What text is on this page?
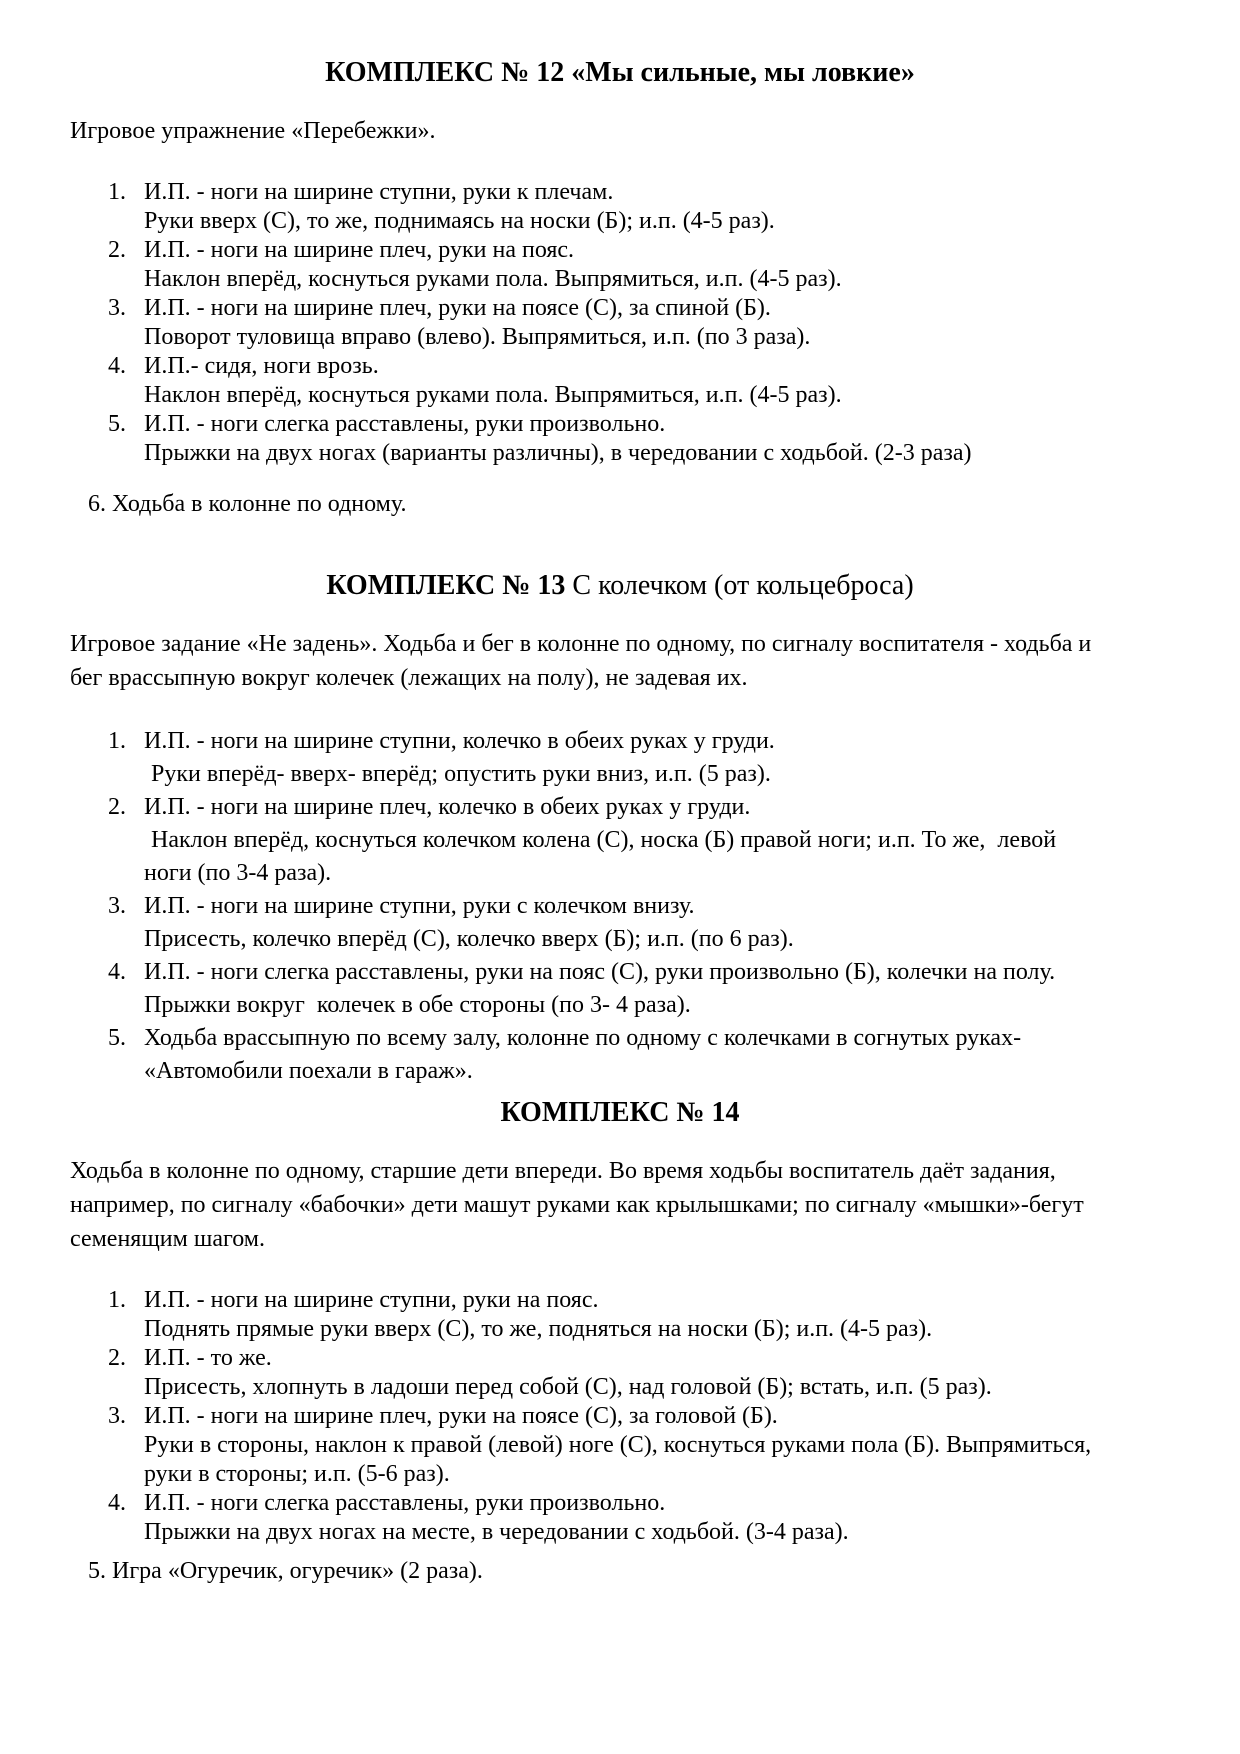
КОМПЛЕКС № 12 «Мы сильные, мы ловкие»

Игровое упражнение «Перебежки».

1. И.П. - ноги на ширине ступни, руки к плечам.
Руки вверх (С), то же, поднимаясь на носки (Б); и.п. (4-5 раз).
2. И.П. - ноги на ширине плеч, руки на пояс.
Наклон вперёд, коснуться руками пола. Выпрямиться, и.п. (4-5 раз).
3. И.П. - ноги на ширине плеч, руки на поясе (С), за спиной (Б).
Поворот туловища вправо (влево). Выпрямиться, и.п. (по 3 раза).
4. И.П.- сидя, ноги врозь.
Наклон вперёд, коснуться руками пола. Выпрямиться, и.п. (4-5 раз).
5. И.П. - ноги слегка расставлены, руки произвольно.
Прыжки на двух ногах (варианты различны), в чередовании с ходьбой. (2-3 раза)
6. Ходьба в колонне по одному.
КОМПЛЕКС № 13 С колечком (от кольцеброса)

Игровое задание «Не задень». Ходьба и бег в колонне по одному, по сигналу воспитателя - ходьба и
бег врассыпную вокруг колечек (лежащих на полу), не задевая их.

1. И.П. - ноги на ширине ступни, колечко в обеих руках у груди.
Руки вперёд- вверх- вперёд; опустить руки вниз, и.п. (5 раз).
2. И.П. - ноги на ширине плеч, колечко в обеих руках у груди.
Наклон вперёд, коснуться колечком колена (С), носка (Б) правой ноги; и.п. То же,  левой
ноги (по 3-4 раза).
3. И.П. - ноги на ширине ступни, руки с колечком внизу.
Присесть, колечко вперёд (С), колечко вверх (Б); и.п. (по 6 раз).
4. И.П. - ноги слегка расставлены, руки на пояс (С), руки произвольно (Б), колечки на полу.
Прыжки вокруг  колечек в обе стороны (по 3- 4 раза).
5. Ходьба врассыпную по всему залу, колонне по одному с колечками в согнутых руках-
«Автомобили поехали в гараж».
КОМПЛЕКС № 14

Ходьба в колонне по одному, старшие дети впереди. Во время ходьбы воспитатель даёт задания,
например, по сигналу «бабочки» дети машут руками как крылышками; по сигналу «мышки»-бегут
семенящим шагом.

1. И.П. - ноги на ширине ступни, руки на пояс.
Поднять прямые руки вверх (С), то же, подняться на носки (Б); и.п. (4-5 раз).
2. И.П. - то же.
Присесть, хлопнуть в ладоши перед собой (С), над головой (Б); встать, и.п. (5 раз).
3. И.П. - ноги на ширине плеч, руки на поясе (С), за головой (Б).
Руки в стороны, наклон к правой (левой) ноге (С), коснуться руками пола (Б). Выпрямиться,
руки в стороны; и.п. (5-6 раз).
4. И.П. - ноги слегка расставлены, руки произвольно.
Прыжки на двух ногах на месте, в чередовании с ходьбой. (3-4 раза).
5. Игра «Огуречик, огуречик» (2 раза).
